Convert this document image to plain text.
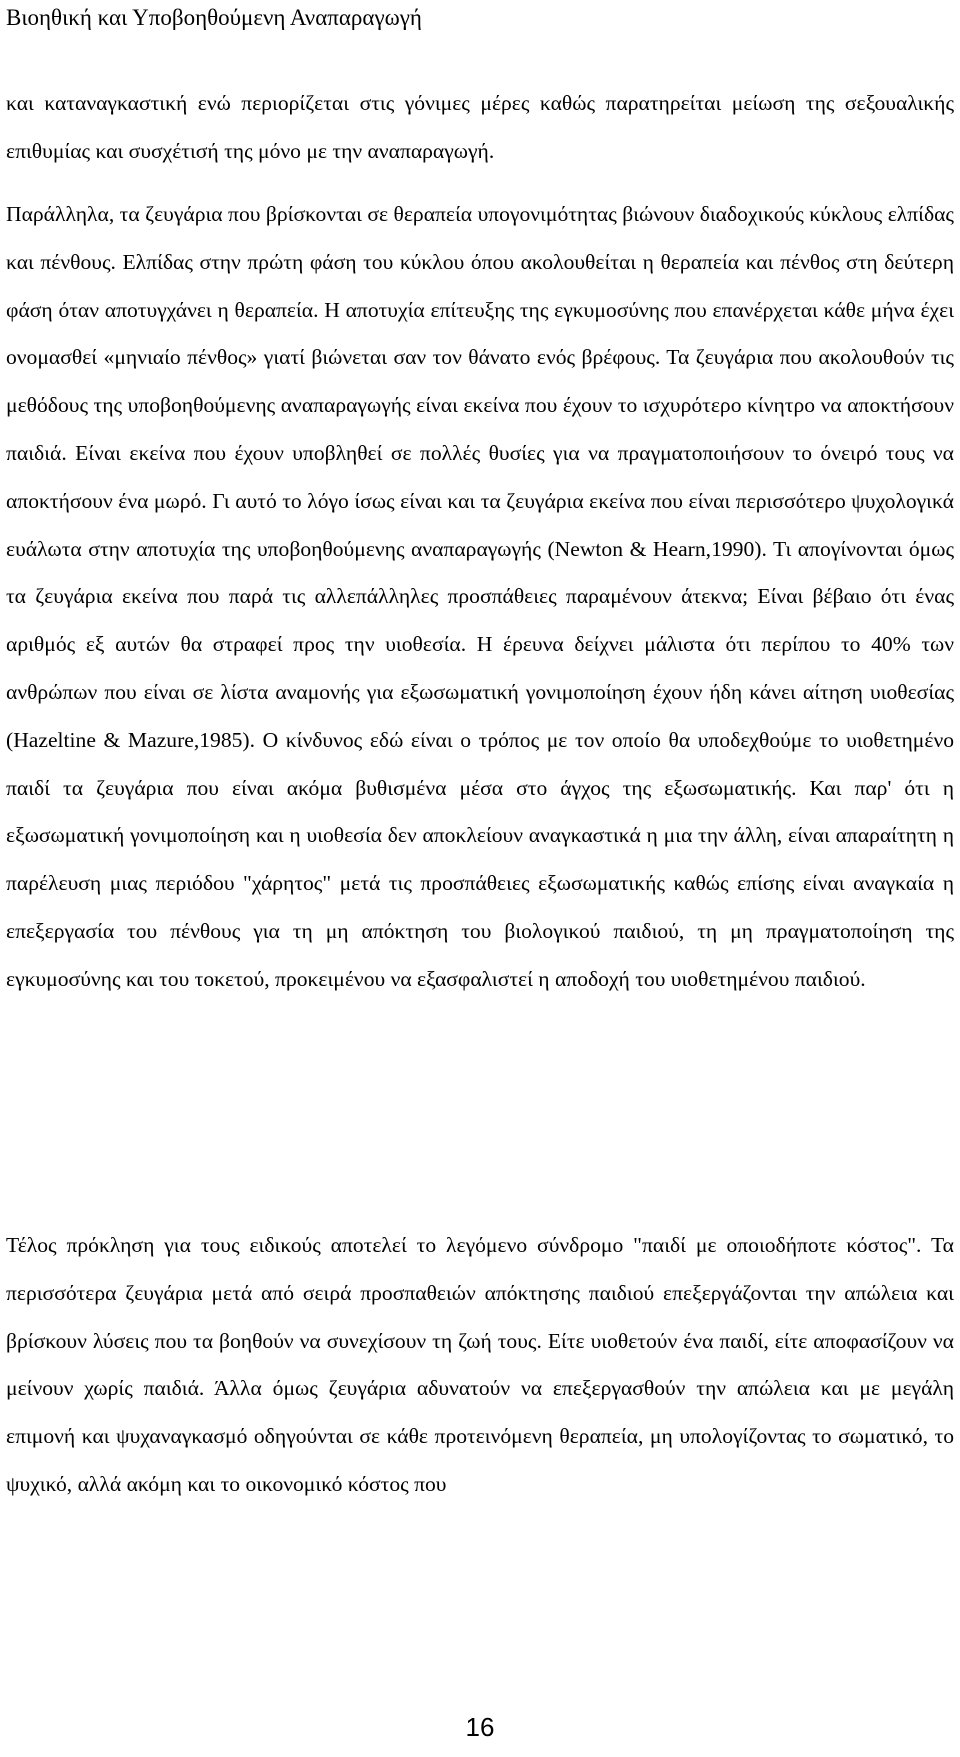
Βιοηθική και Υποβοηθούμενη Αναπαραγωγή

και καταναγκαστική ενώ περιορίζεται στις γόνιμες μέρες καθώς παρατηρείται μείωση της σεξουαλικής επιθυμίας και συσχέτισή της μόνο με την αναπαραγωγή.

Παράλληλα, τα ζευγάρια που βρίσκονται σε θεραπεία υπογονιμότητας βιώνουν διαδοχικούς κύκλους ελπίδας και πένθους. Ελπίδας στην πρώτη φάση του κύκλου όπου ακολουθείται η θεραπεία και πένθος στη δεύτερη φάση όταν αποτυγχάνει η θεραπεία. Η αποτυχία επίτευξης της εγκυμοσύνης που επανέρχεται κάθε μήνα έχει ονομασθεί «μηνιαίο πένθος» γιατί βιώνεται σαν τον θάνατο ενός βρέφους. Τα ζευγάρια που ακολουθούν τις μεθόδους της υποβοηθούμενης αναπαραγωγής είναι εκείνα που έχουν το ισχυρότερο κίνητρο να αποκτήσουν παιδιά. Είναι εκείνα που έχουν υποβληθεί σε πολλές θυσίες για να πραγματοποιήσουν το όνειρό τους να αποκτήσουν ένα μωρό. Γι αυτό το λόγο ίσως είναι και τα ζευγάρια εκείνα που είναι περισσότερο ψυχολογικά ευάλωτα στην αποτυχία της υποβοηθούμενης αναπαραγωγής (Newton & Hearn,1990). Τι απογίνονται όμως τα ζευγάρια εκείνα που παρά τις αλλεπάλληλες προσπάθειες παραμένουν άτεκνα; Είναι βέβαιο ότι ένας αριθμός εξ αυτών θα στραφεί προς την υιοθεσία. Η έρευνα δείχνει μάλιστα ότι περίπου το 40% των ανθρώπων που είναι σε λίστα αναμονής για εξωσωματική γονιμοποίηση έχουν ήδη κάνει αίτηση υιοθεσίας (Hazeltine & Mazure,1985). Ο κίνδυνος εδώ είναι ο τρόπος με τον οποίο θα υποδεχθούμε το υιοθετημένο παιδί τα ζευγάρια που είναι ακόμα βυθισμένα μέσα στο άγχος της εξωσωματικής. Και παρ' ότι η εξωσωματική γονιμοποίηση και η υιοθεσία δεν αποκλείουν αναγκαστικά η μια την άλλη, είναι απαραίτητη η παρέλευση μιας περιόδου "χάρητος" μετά τις προσπάθειες εξωσωματικής καθώς επίσης είναι αναγκαία η επεξεργασία του πένθους για τη μη απόκτηση του βιολογικού παιδιού, τη μη πραγματοποίηση της εγκυμοσύνης και του τοκετού, προκειμένου να εξασφαλιστεί η αποδοχή του υιοθετημένου παιδιού.

Τέλος πρόκληση για τους ειδικούς αποτελεί το λεγόμενο σύνδρομο "παιδί με οποιοδήποτε κόστος". Τα περισσότερα ζευγάρια μετά από σειρά προσπαθειών απόκτησης παιδιού επεξεργάζονται την απώλεια και βρίσκουν λύσεις που τα βοηθούν να συνεχίσουν τη ζωή τους. Είτε υιοθετούν ένα παιδί, είτε αποφασίζουν να μείνουν χωρίς παιδιά. Άλλα όμως ζευγάρια αδυνατούν να επεξεργασθούν την απώλεια και με μεγάλη επιμονή και ψυχαναγκασμό οδηγούνται σε κάθε προτεινόμενη θεραπεία, μη υπολογίζοντας το σωματικό, το ψυχικό, αλλά ακόμη και το οικονομικό κόστος που

16
